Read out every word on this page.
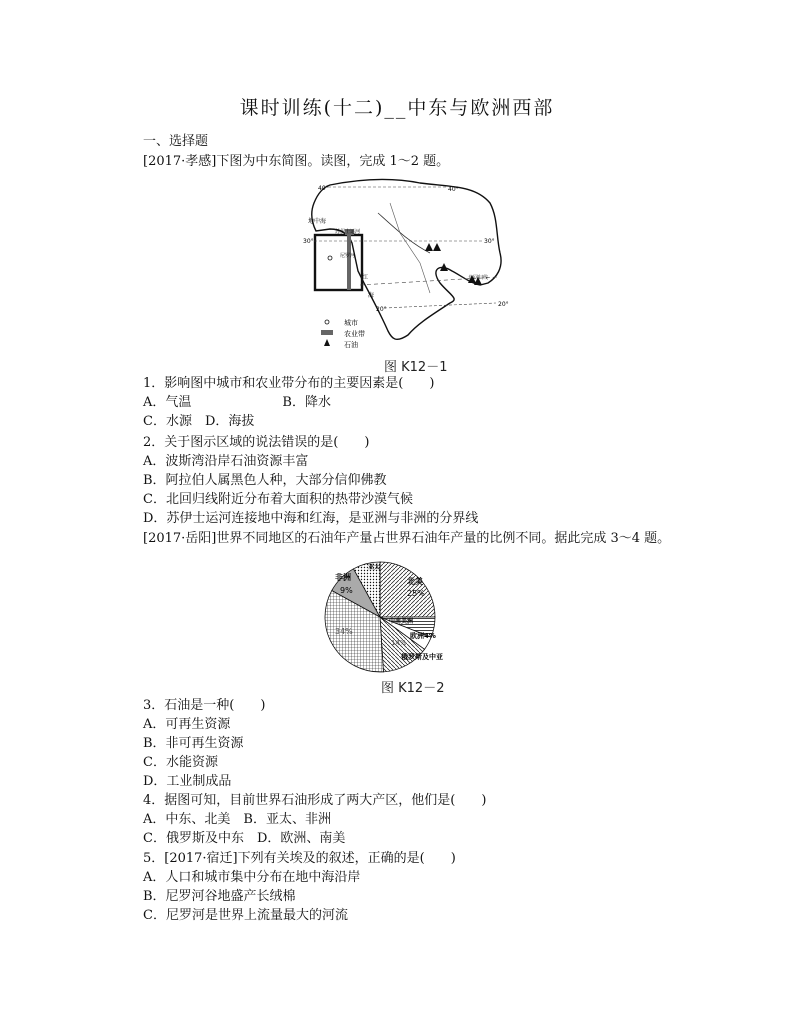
课时训练(十二)__中东与欧洲西部
一、选择题
[2017·孝感]下图为中东简图。读图，完成 1～2 题。
40°	40°
30°	30°
20°
20°
地中海
苏伊士运河
尼罗河
北回归线
红
海
城市
农业带
石油
图 K12－1
1．影响图中城市和农业带分布的主要因素是(　　)
A．气温　　　　　　　B．降水
C．水源　D．海拔
2．关于图示区域的说法错误的是(　　)
A．波斯湾沿岸石油资源丰富
B．阿拉伯人属黑色人种，大部分信仰佛教
C．北回归线附近分布着大面积的热带沙漠气候
D．苏伊士运河连接地中海和红海，是亚洲与非洲的分界线
[2017·岳阳]世界不同地区的石油年产量占世界石油年产量的比例不同。据此完成 3～4 题。
北美
25%
非洲
9%
亚太
中南美洲
欧洲4%
俄罗斯及中亚
34%
14%
图 K12－2
3．石油是一种(　　)
A．可再生资源
B．非可再生资源
C．水能资源
D．工业制成品
4．据图可知，目前世界石油形成了两大产区，他们是(　　)
A．中东、北美　B．亚太、非洲
C．俄罗斯及中东　D．欧洲、南美
5．[2017·宿迁]下列有关埃及的叙述，正确的是(　　)
A．人口和城市集中分布在地中海沿岸
B．尼罗河谷地盛产长绒棉
C．尼罗河是世界上流量最大的河流
